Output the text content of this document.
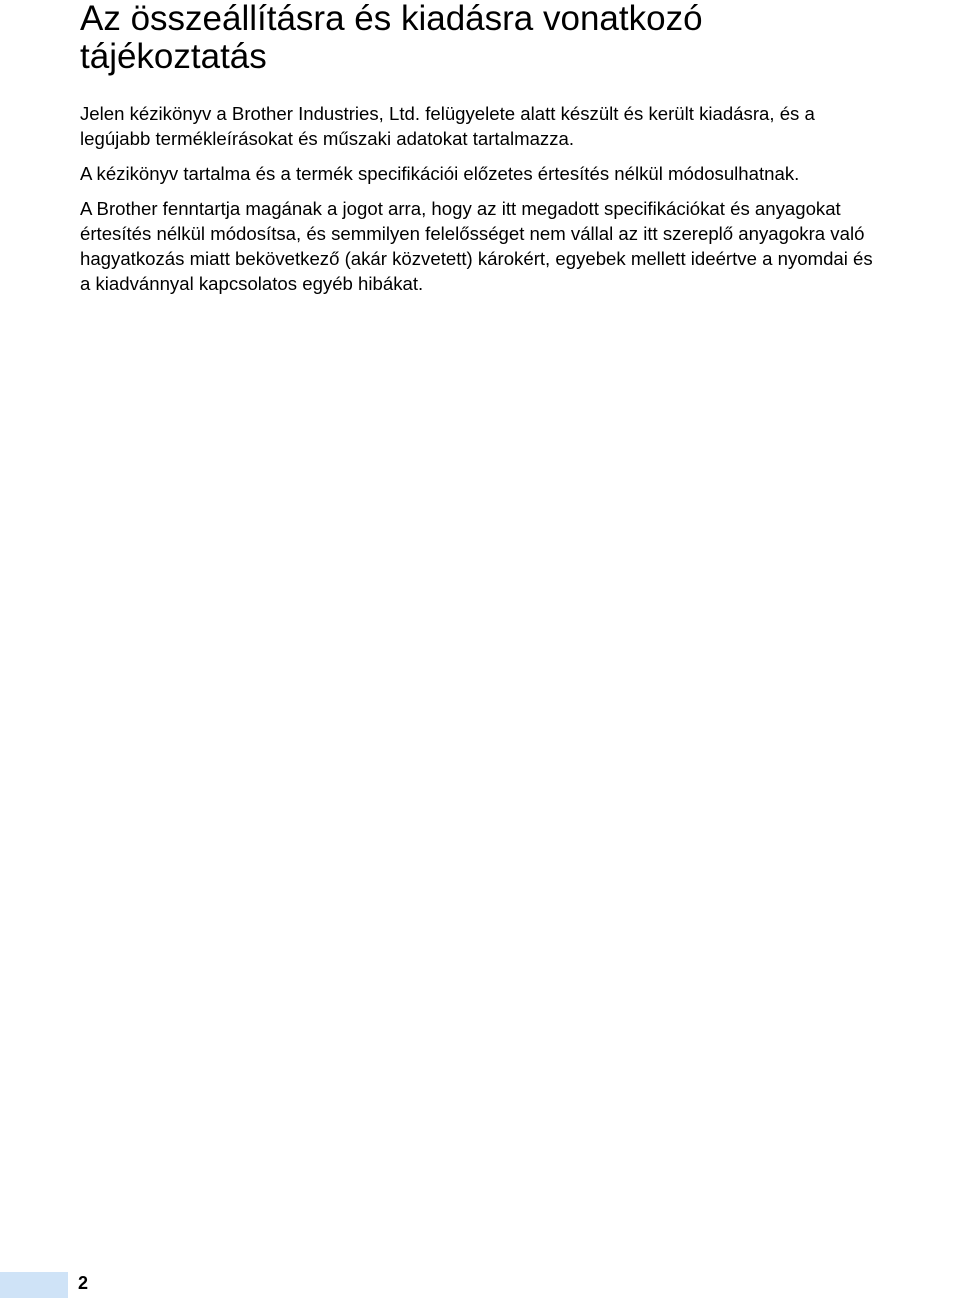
Az összeállításra és kiadásra vonatkozó
tájékoztatás

Jelen kézikönyv a Brother Industries, Ltd. felügyelete alatt készült és került kiadásra, és a
legújabb termékleírásokat és műszaki adatokat tartalmazza.

A kézikönyv tartalma és a termék specifikációi előzetes értesítés nélkül módosulhatnak.

A Brother fenntartja magának a jogot arra, hogy az itt megadott specifikációkat és anyagokat
értesítés nélkül módosítsa, és semmilyen felelősséget nem vállal az itt szereplő anyagokra való
hagyatkozás miatt bekövetkező (akár közvetett) károkért, egyebek mellett ideértve a nyomdai és
a kiadvánnyal kapcsolatos egyéb hibákat.

2
